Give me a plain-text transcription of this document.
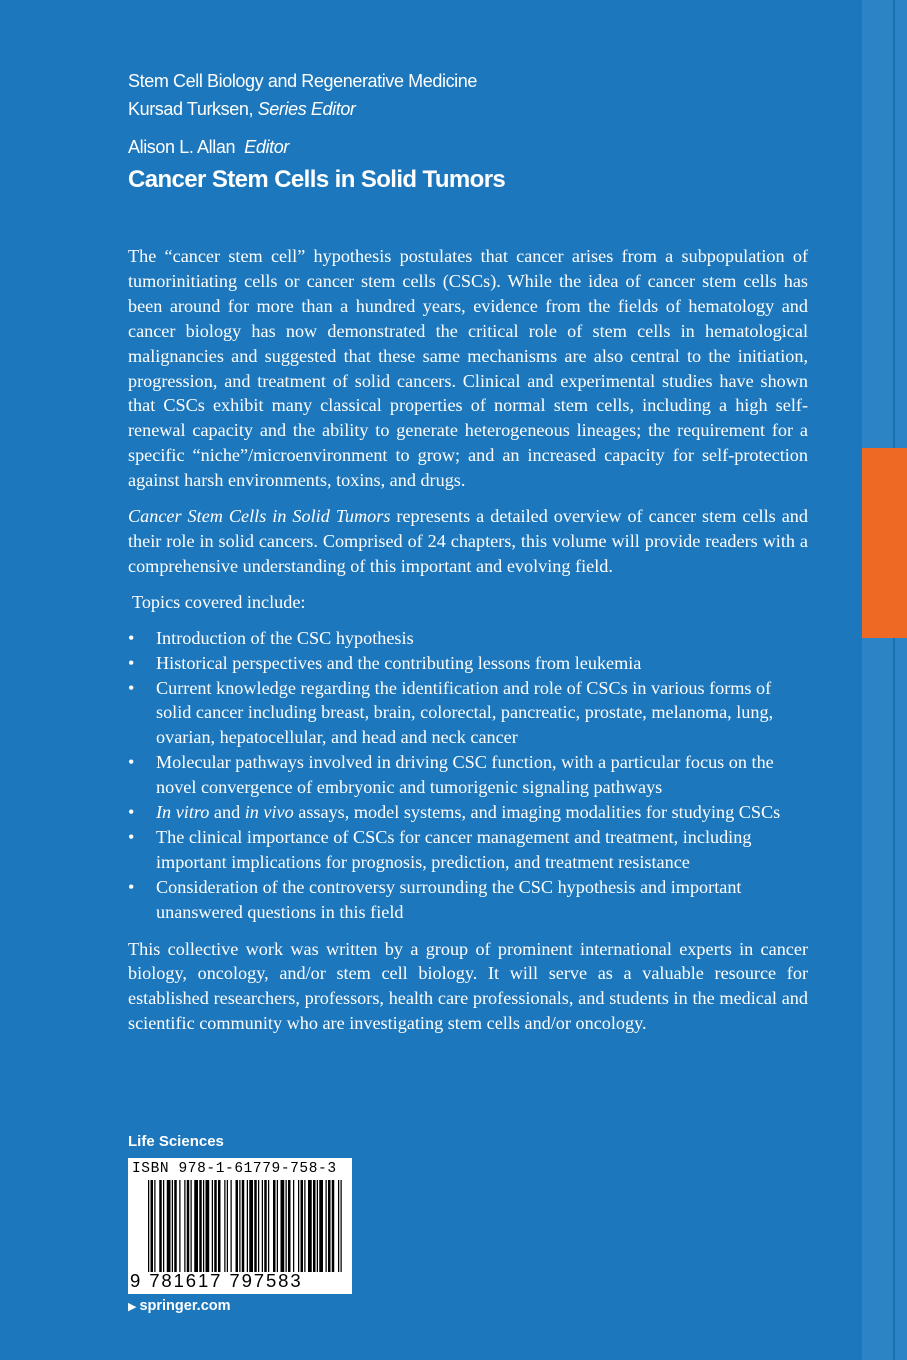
Stem Cell Biology and Regenerative Medicine
Kursad Turksen, Series Editor
Alison L. Allan Editor
Cancer Stem Cells in Solid Tumors

The “cancer stem cell” hypothesis postulates that cancer arises from a subpopulation of tumorinitiating cells or cancer stem cells (CSCs). While the idea of cancer stem cells has been around for more than a hundred years, evidence from the fields of hematology and cancer biology has now demonstrated the critical role of stem cells in hematological malignancies and suggested that these same mechanisms are also central to the initiation, progression, and treatment of solid cancers. Clinical and experimental studies have shown that CSCs exhibit many classical properties of normal stem cells, including a high self-renewal capacity and the ability to generate heterogeneous lineages; the requirement for a specific “niche”/microenvironment to grow; and an increased capacity for self-protection against harsh environments, toxins, and drugs.

Cancer Stem Cells in Solid Tumors represents a detailed overview of cancer stem cells and their role in solid cancers. Comprised of 24 chapters, this volume will provide readers with a comprehensive understanding of this important and evolving field.

Topics covered include:

• Introduction of the CSC hypothesis
• Historical perspectives and the contributing lessons from leukemia
• Current knowledge regarding the identification and role of CSCs in various forms of solid cancer including breast, brain, colorectal, pancreatic, prostate, melanoma, lung, ovarian, hepatocellular, and head and neck cancer
• Molecular pathways involved in driving CSC function, with a particular focus on the novel convergence of embryonic and tumorigenic signaling pathways
• In vitro and in vivo assays, model systems, and imaging modalities for studying CSCs
• The clinical importance of CSCs for cancer management and treatment, including important implications for prognosis, prediction, and treatment resistance
• Consideration of the controversy surrounding the CSC hypothesis and important unanswered questions in this field

This collective work was written by a group of prominent international experts in cancer biology, oncology, and/or stem cell biology. It will serve as a valuable resource for established researchers, professors, health care professionals, and students in the medical and scientific community who are investigating stem cells and/or oncology.

Life Sciences
ISBN 978-1-61779-758-3
9 781617 797583
▶ springer.com
